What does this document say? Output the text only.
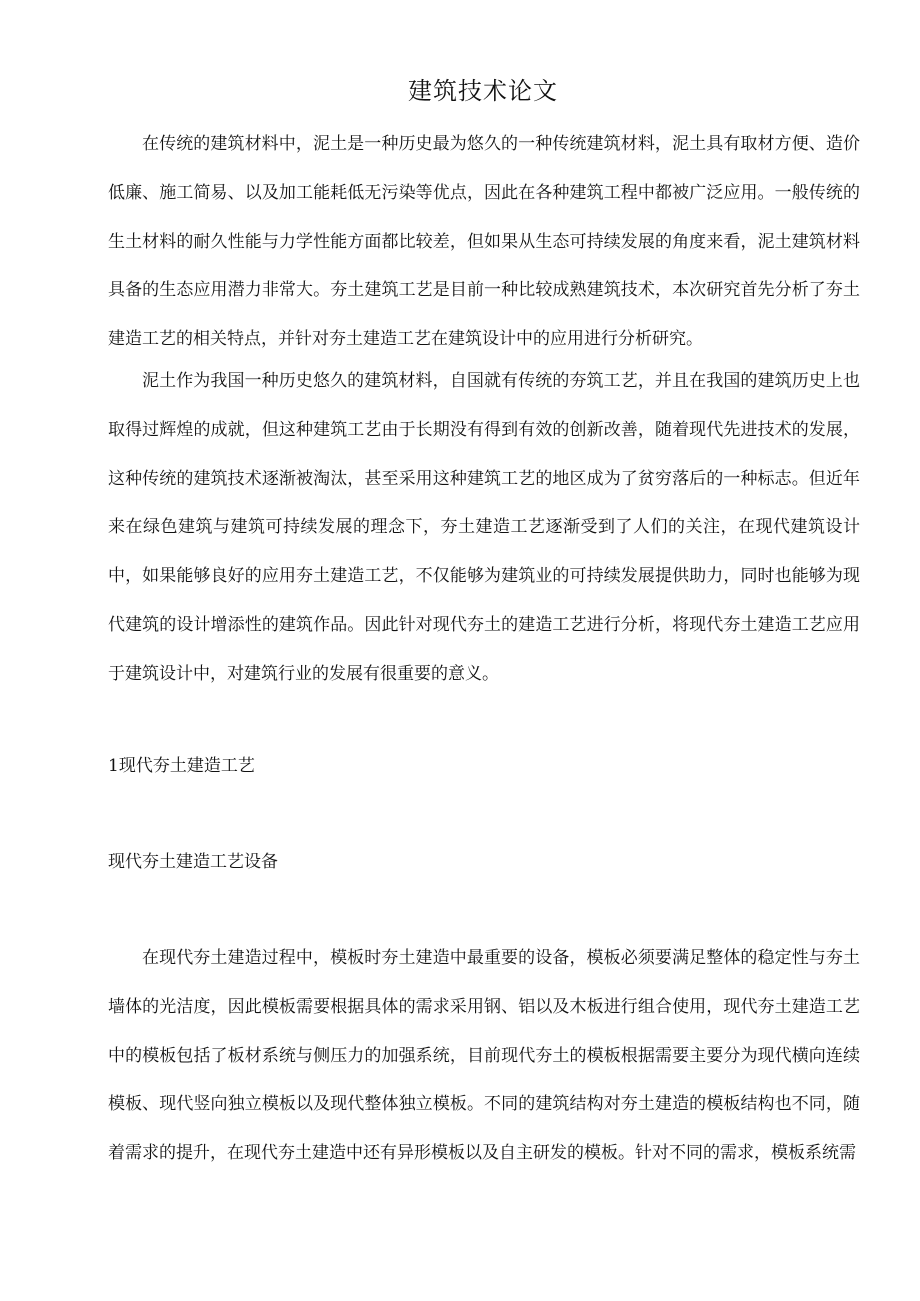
建筑技术论文

在传统的建筑材料中，泥土是一种历史最为悠久的一种传统建筑材料，泥土具有取材方便、造价低廉、施工简易、以及加工能耗低无污染等优点，因此在各种建筑工程中都被广泛应用。一般传统的生土材料的耐久性能与力学性能方面都比较差，但如果从生态可持续发展的角度来看，泥土建筑材料具备的生态应用潜力非常大。夯土建筑工艺是目前一种比较成熟建筑技术，本次研究首先分析了夯土建造工艺的相关特点，并针对夯土建造工艺在建筑设计中的应用进行分析研究。

泥土作为我国一种历史悠久的建筑材料，自国就有传统的夯筑工艺，并且在我国的建筑历史上也取得过辉煌的成就，但这种建筑工艺由于长期没有得到有效的创新改善，随着现代先进技术的发展，这种传统的建筑技术逐渐被淘汰，甚至采用这种建筑工艺的地区成为了贫穷落后的一种标志。但近年来在绿色建筑与建筑可持续发展的理念下，夯土建造工艺逐渐受到了人们的关注，在现代建筑设计中，如果能够良好的应用夯土建造工艺，不仅能够为建筑业的可持续发展提供助力，同时也能够为现代建筑的设计增添性的建筑作品。因此针对现代夯土的建造工艺进行分析，将现代夯土建造工艺应用于建筑设计中，对建筑行业的发展有很重要的意义。

1现代夯土建造工艺
现代夯土建造工艺设备

在现代夯土建造过程中，模板时夯土建造中最重要的设备，模板必须要满足整体的稳定性与夯土墙体的光洁度，因此模板需要根据具体的需求采用钢、铝以及木板进行组合使用，现代夯土建造工艺中的模板包括了板材系统与侧压力的加强系统，目前现代夯土的模板根据需要主要分为现代横向连续模板、现代竖向独立模板以及现代整体独立模板。不同的建筑结构对夯土建造的模板结构也不同，随着需求的提升，在现代夯土建造中还有异形模板以及自主研发的模板。针对不同的需求，模板系统需
